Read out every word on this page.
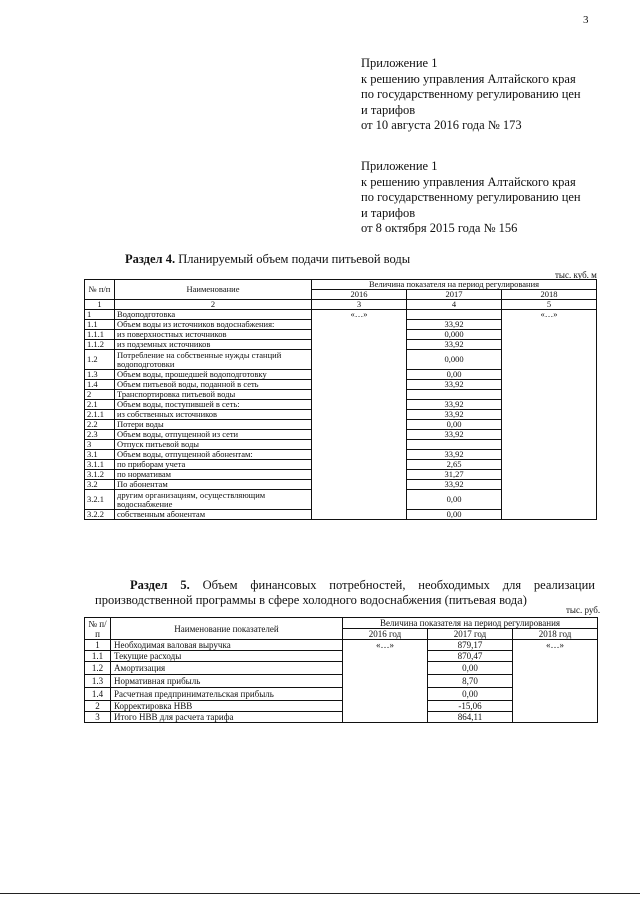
3
Приложение 1
к решению управления Алтайского края
по государственному регулированию цен
и тарифов
от 10 августа 2016 года № 173
Приложение 1
к решению управления Алтайского края
по государственному регулированию цен
и тарифов
от 8 октября 2015 года № 156
Раздел 4. Планируемый объем подачи питьевой воды
тыс. куб. м
№ п/п	Наименование	Величина показателя на период регулирования		
		2016	2017	2018
1	2	3	4	5
1	Водоподготовка	«…»		«…»
1.1	Объем воды из источников водоснабжения:		33,92	
1.1.1	из поверхностных источников		0,000	
1.1.2	из подземных источников		33,92	
1.2	Потребление на собственные нужды станций водоподготовки		0,000	
1.3	Объем воды, прошедшей водоподготовку		0,00	
1.4	Объем питьевой воды, поданной в сеть		33,92	
2	Транспортировка питьевой воды			
2.1	Объем воды, поступившей в сеть:		33,92	
2.1.1	из собственных источников		33,92	
2.2	Потери воды		0,00	
2.3	Объем воды, отпущенной из сети		33,92	
3	Отпуск питьевой воды			
3.1	Объем воды, отпущенной абонентам:		33,92	
3.1.1	по приборам учета		2,65	
3.1.2	по нормативам		31,27	
3.2	По абонентам		33,92	
3.2.1	другим организациям, осуществляющим водоснабжение		0,00	
3.2.2	собственным абонентам		0,00	
Раздел 5. Объем финансовых потребностей, необходимых для реализации производственной программы в сфере холодного водоснабжения (питьевая вода)
тыс. руб.
№ п/п	Наименование показателей	Величина показателя на период регулирования		
		2016 год	2017 год	2018 год
1	Необходимая валовая выручка	«…»	879,17	«…»
1.1	Текущие расходы		870,47	
1.2	Амортизация		0,00	
1.3	Нормативная прибыль		8,70	
1.4	Расчетная предпринимательская прибыль		0,00	
2	Корректировка НВВ		-15,06	
3	Итого НВВ для расчета тарифа		864,11	
